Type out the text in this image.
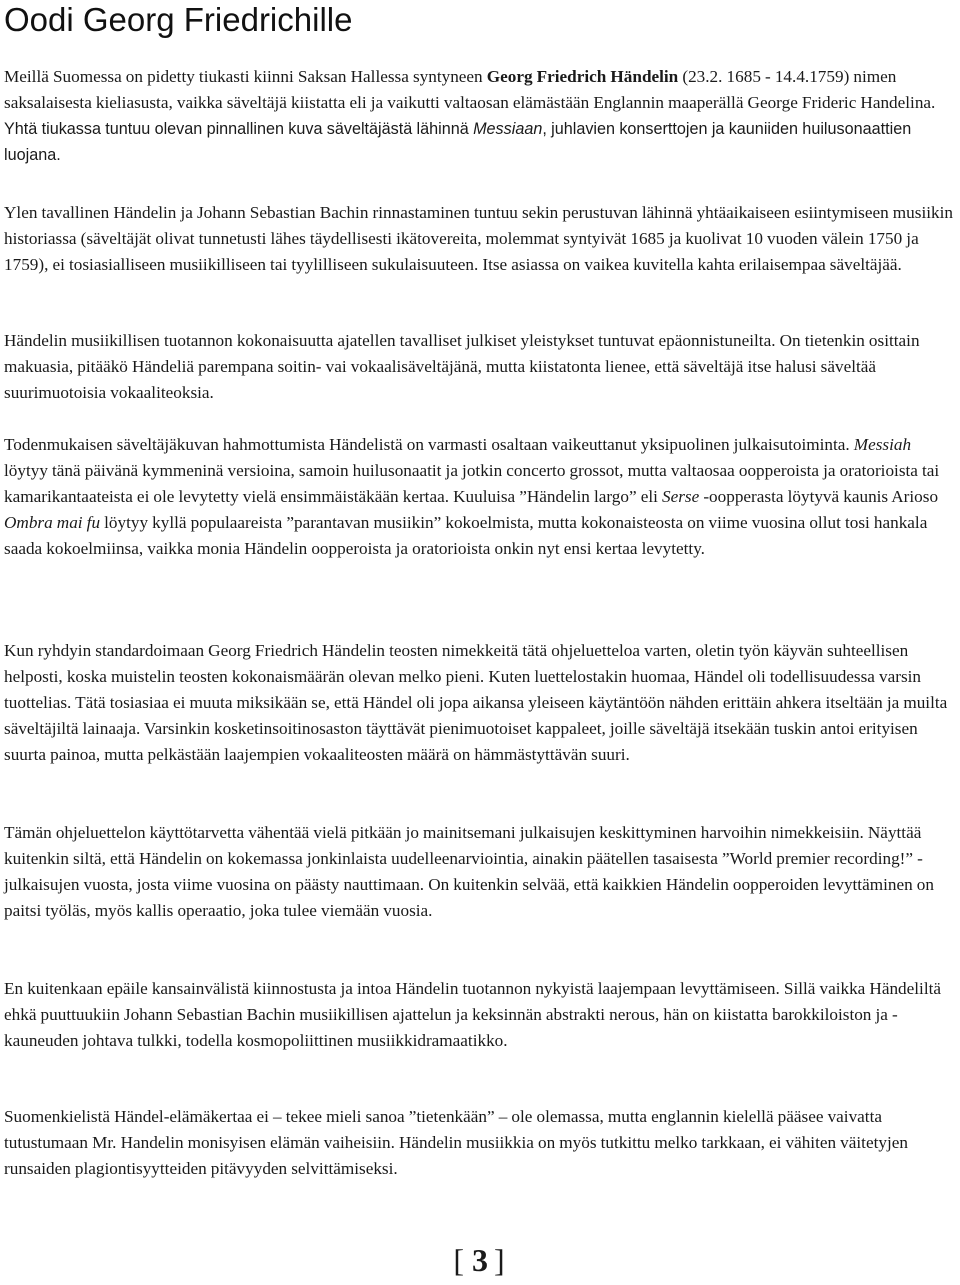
Oodi Georg Friedrichille

Meillä Suomessa on pidetty tiukasti kiinni Saksan Hallessa syntyneen Georg Friedrich Händelin (23.2. 1685 - 14.4.1759) nimen saksalaisesta kieliasusta, vaikka säveltäjä kiistatta eli ja vaikutti valtaosan elämästään Englannin maaperällä George Frideric Handelina. Yhtä tiukassa tuntuu olevan pinnallinen kuva säveltäjästä lähinnä Messiaan, juhlavien konserttojen ja kauniiden huilusonaattien luojana.

Ylen tavallinen Händelin ja Johann Sebastian Bachin rinnastaminen tuntuu sekin perustuvan lähinnä yhtäaikaiseen esiintymiseen musiikin historiassa (säveltäjät olivat tunnetusti lähes täydellisesti ikätovereita, molemmat syntyivät 1685 ja kuolivat 10 vuoden välein 1750 ja 1759), ei tosiasialliseen musiikilliseen tai tyylilliseen sukulaisuuteen. Itse asiassa on vaikea kuvitella kahta erilaisempaa säveltäjää.

Händelin musiikillisen tuotannon kokonaisuutta ajatellen tavalliset julkiset yleistykset tuntuvat epäonnistuneilta. On tietenkin osittain makuasia, pitääkö Händeliä parempana soitin- vai vokaalisäveltäjänä, mutta kiistatonta lienee, että säveltäjä itse halusi säveltää suurimuotoisia vokaaliteoksia.

Todenmukaisen säveltäjäkuvan hahmottumista Händelistä on varmasti osaltaan vaikeuttanut yksipuolinen julkaisutoiminta. Messiah löytyy tänä päivänä kymmeninä versioina, samoin huilusonaatit ja jotkin concerto grossot, mutta valtaosaa oopperoista ja oratorioista tai kamarikantaateista ei ole levytetty vielä ensimmäistäkään kertaa. Kuuluisa ”Händelin largo” eli Serse -oopperasta löytyvä kaunis Arioso Ombra mai fu löytyy kyllä populaareista ”parantavan musiikin” kokoelmista, mutta kokonaisteosta on viime vuosina ollut tosi hankala saada kokoelmiinsa, vaikka monia Händelin oopperoista ja oratorioista onkin nyt ensi kertaa levytetty.

Kun ryhdyin standardoimaan Georg Friedrich Händelin teosten nimekkeitä tätä ohjeluetteloa varten, oletin työn käyvän suhteellisen helposti, koska muistelin teosten kokonaismäärän olevan melko pieni. Kuten luettelostakin huomaa, Händel oli todellisuudessa varsin tuottelias. Tätä tosiasiaa ei muuta miksikään se, että Händel oli jopa aikansa yleiseen käytäntöön nähden erittäin ahkera itseltään ja muilta säveltäjiltä lainaaja. Varsinkin kosketinsoitinosaston täyttävät pienimuotoiset kappaleet, joille säveltäjä itsekään tuskin antoi erityisen suurta painoa, mutta pelkästään laajempien vokaaliteosten määrä on hämmästyttävän suuri.

Tämän ohjeluettelon käyttötarvetta vähentää vielä pitkään jo mainitsemani julkaisujen keskittyminen harvoihin nimekkeisiin. Näyttää kuitenkin siltä, että Händelin on kokemassa jonkinlaista uudelleenarviointia, ainakin päätellen tasaisesta ”World premier recording!” -julkaisujen vuosta, josta viime vuosina on päästy nauttimaan. On kuitenkin selvää, että kaikkien Händelin oopperoiden levyttäminen on paitsi työläs, myös kallis operaatio, joka tulee viemään vuosia.

En kuitenkaan epäile kansainvälistä kiinnostusta ja intoa Händelin tuotannon nykyistä laajempaan levyttämiseen. Sillä vaikka Händeliltä ehkä puuttuukiin Johann Sebastian Bachin musiikillisen ajattelun ja keksinnän abstrakti nerous, hän on kiistatta barokkiloiston ja -kauneuden johtava tulkki, todella kosmopoliittinen musiikkidramaatikko.

Suomenkielistä Händel-elämäkertaa ei – tekee mieli sanoa ”tietenkään” – ole olemassa, mutta englannin kielellä pääsee vaivatta tutustumaan Mr. Handelin monisyisen elämän vaiheisiin. Händelin musiikkia on myös tutkittu melko tarkkaan, ei vähiten väitetyjen runsaiden plagiontisyytteiden pitävyyden selvittämiseksi.

[ 3 ]
